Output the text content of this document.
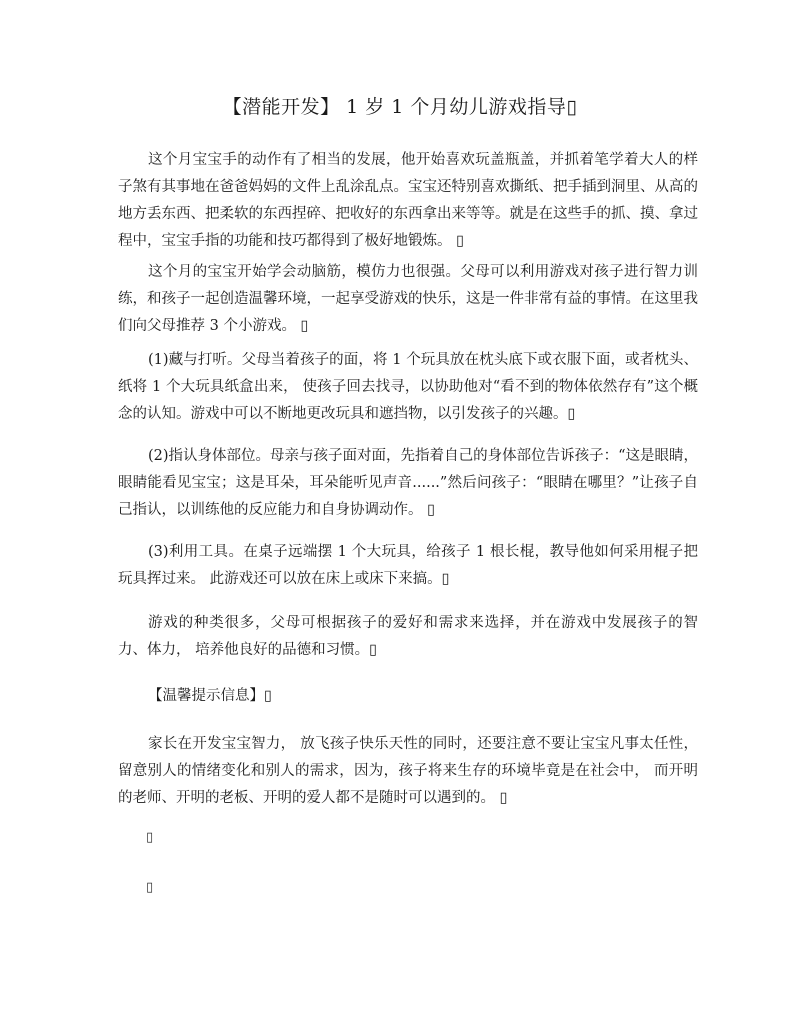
【潜能开发】 1 岁 1 个月幼儿游戏指导▯
这个月宝宝手的动作有了相当的发展，他开始喜欢玩盖瓶盖，并抓着笔学着大人的样子煞有其事地在爸爸妈妈的文件上乱涂乱点。宝宝还特别喜欢撕纸、把手插到洞里、从高的地方丢东西、把柔软的东西捏碎、把收好的东西拿出来等等。就是在这些手的抓、摸、拿过程中，宝宝手指的功能和技巧都得到了极好地锻炼。 ▯
这个月的宝宝开始学会动脑筋，模仿力也很强。父母可以利用游戏对孩子进行智力训练，和孩子一起创造温馨环境，一起享受游戏的快乐，这是一件非常有益的事情。在这里我们向父母推荐 3 个小游戏。 ▯
(1)藏与打听。父母当着孩子的面，将 1 个玩具放在枕头底下或衣服下面，或者枕头、纸将 1 个大玩具纸盒出来， 使孩子回去找寻，以协助他对“看不到的物体依然存有”这个概念的认知。游戏中可以不断地更改玩具和遮挡物，以引发孩子的兴趣。▯
(2)指认身体部位。母亲与孩子面对面，先指着自己的身体部位告诉孩子：“这是眼睛，眼睛能看见宝宝；这是耳朵，耳朵能听见声音......”然后问孩子：“眼睛在哪里？”让孩子自己指认，以训练他的反应能力和自身协调动作。 ▯
(3)利用工具。在桌子远端摆 1 个大玩具，给孩子 1 根长棍，教导他如何采用棍子把玩具挥过来。 此游戏还可以放在床上或床下来搞。▯
游戏的种类很多，父母可根据孩子的爱好和需求来选择，并在游戏中发展孩子的智力、体力， 培养他良好的品德和习惯。▯
【温馨提示信息】▯
家长在开发宝宝智力， 放飞孩子快乐天性的同时，还要注意不要让宝宝凡事太任性，留意别人的情绪变化和别人的需求，因为，孩子将来生存的环境毕竟是在社会中， 而开明的老师、开明的老板、开明的爱人都不是随时可以遇到的。 ▯
▯
▯
